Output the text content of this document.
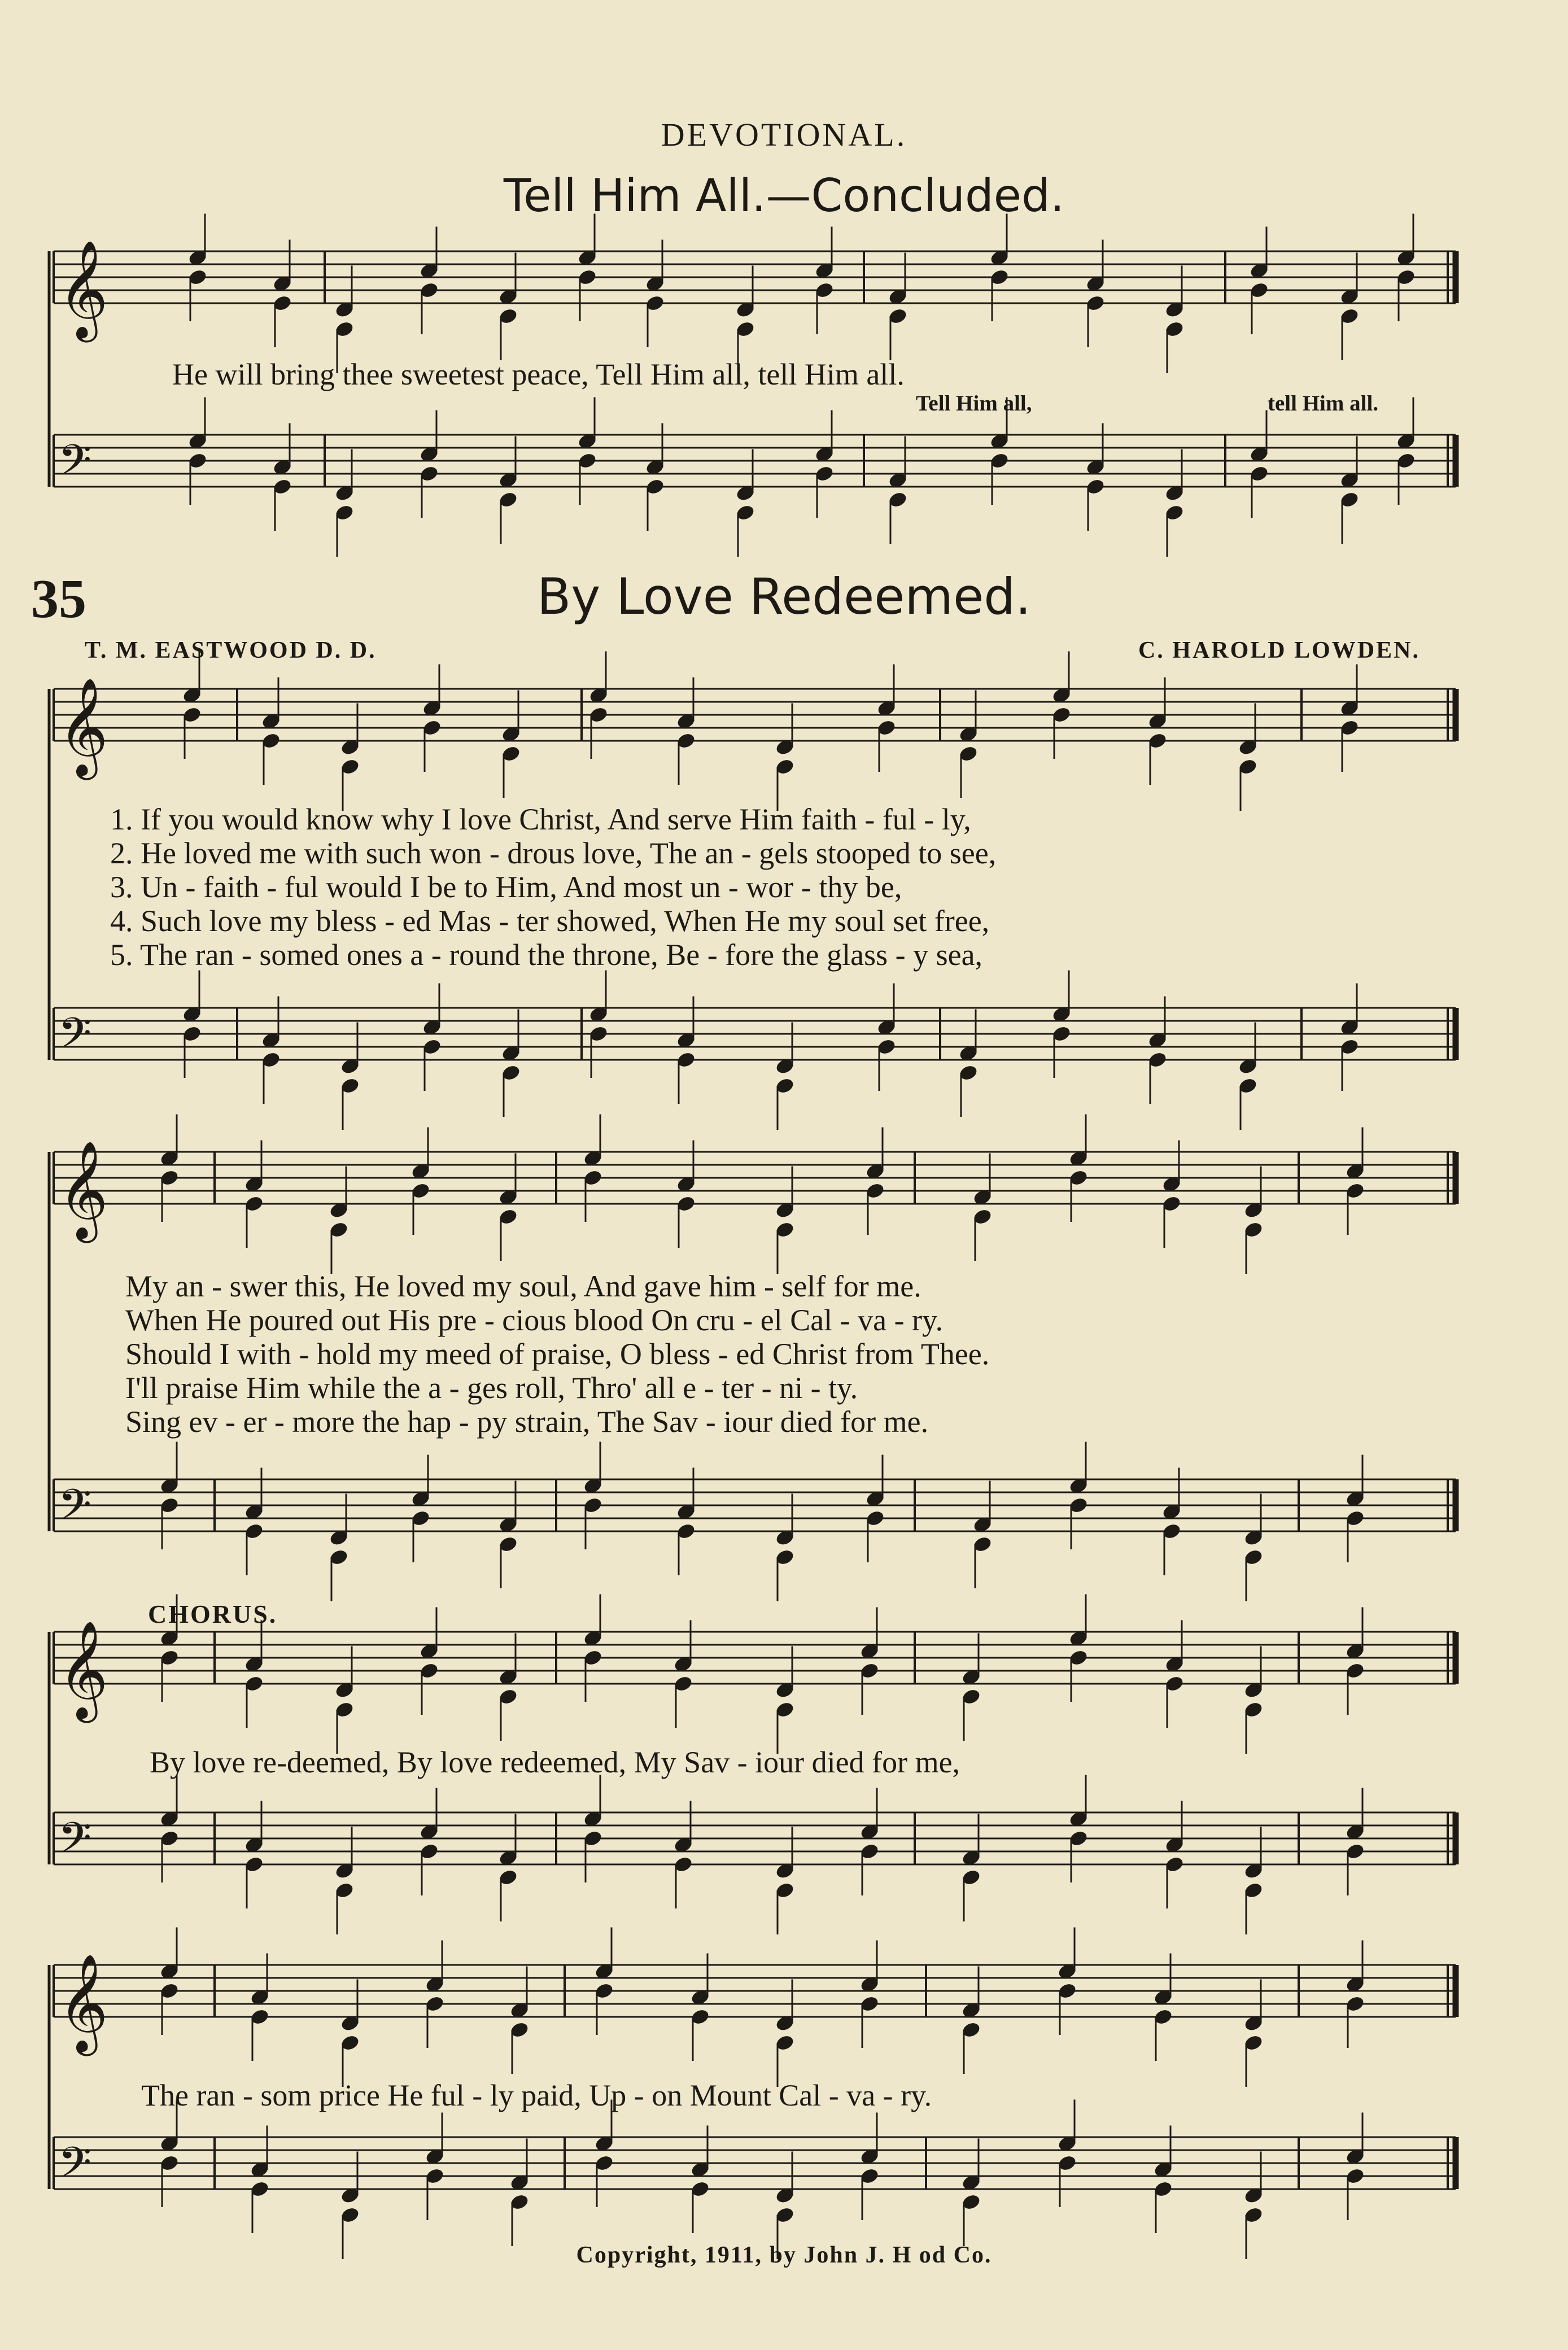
DEVOTIONAL.
Tell Him All.—Concluded.
𝄞
𝄢
𝄞
𝄢
𝄞
𝄢
𝄞
𝄢
𝄞
𝄢
He will bring thee sweetest peace, Tell Him all, tell Him all.
Tell Him all,	tell Him all.
35	By Love Redeemed.
T. M. EASTWOOD D. D.	C. HAROLD LOWDEN.
1. If you would know why I love Christ, And serve Him faith - ful - ly,
2. He loved me with such won - drous love, The an - gels stooped to see,
3. Un - faith - ful would I be to Him, And most un - wor - thy be,
4. Such love my bless - ed Mas - ter showed, When He my soul set free,
5. The ran - somed ones a - round the throne, Be - fore the glass - y sea,
My an - swer this, He loved my soul, And gave him - self for me.
When He poured out His pre - cious blood On cru - el Cal - va - ry.
Should I with - hold my meed of praise, O bless - ed Christ from Thee.
I'll praise Him while the a - ges roll, Thro' all e - ter - ni - ty.
Sing ev - er - more the hap - py strain, The Sav - iour died for me.
CHORUS.
By love re-deemed, By love redeemed, My Sav - iour died for me,
The ran - som price He ful - ly paid, Up - on Mount Cal - va - ry.
Copyright, 1911, by John J. H od Co.
